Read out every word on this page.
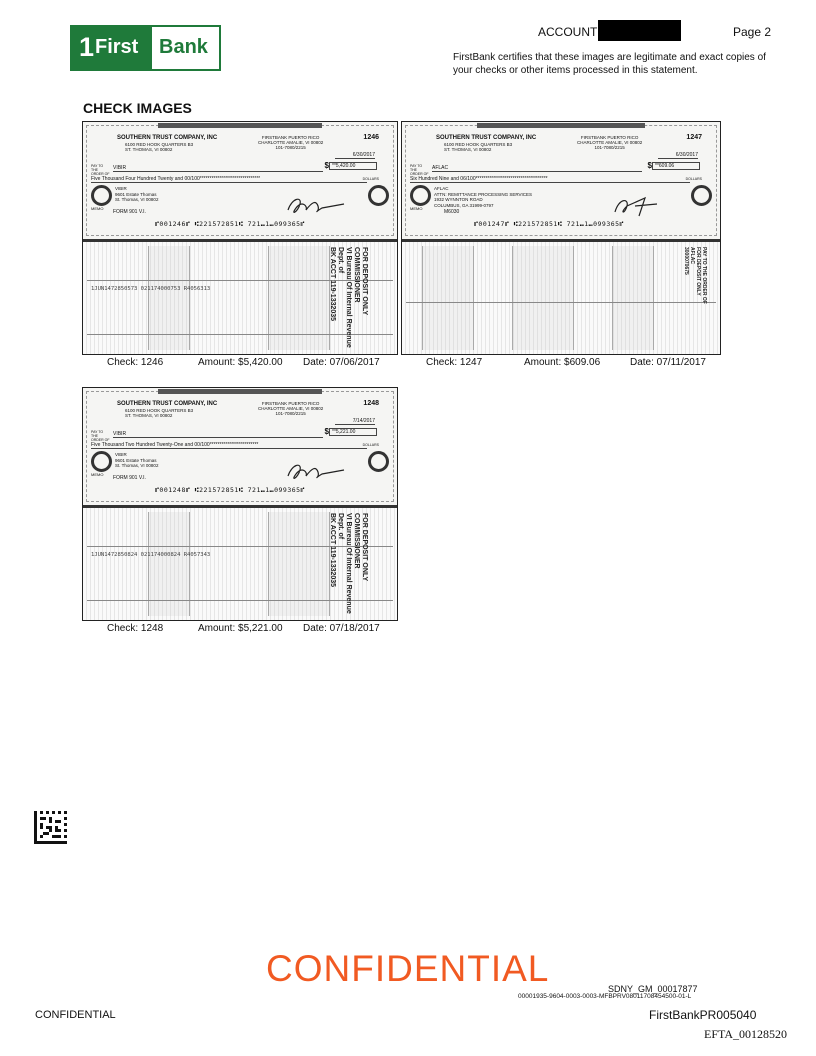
1 First Bank
ACCOUNT	Page 2
FirstBank certifies that these images are legitimate and exact copies of your checks or other items processed in this statement.
CHECK IMAGES
SOUTHERN TRUST COMPANY, INC
6100 RED HOOK QUARTERS B3
ST. THOMAS, VI 00802
FIRSTBANK PUERTO RICO
CHARLOTTE AMALIE, VI 00802
101-7080/2215
1246
6/30/2017
PAY TO THE ORDER OF
VIBIR	$ **5,420.00
Five Thousand Four Hundred Twenty and 00/100*******************************	DOLLARS
VIBIR
9601 Estate Thomas
St. Thomas, VI 00802
MEMO
FORM 901 V.I.
⑈001246⑈ ⑆221572851⑆ 721⑉1⑉099365⑈
1JUN1472850573 021174000753 R4056313
FOR DEPOSIT ONLY
COMMISSIONER
VI Bureau Of Internal Revenue
Dept. of
BK ACCT 119-1332035
Check: 1246	Amount: $5,420.00 Date: 07/06/2017
SOUTHERN TRUST COMPANY, INC
6100 RED HOOK QUARTERS B3
ST. THOMAS, VI 00802
FIRSTBANK PUERTO RICO
CHARLOTTE AMALIE, VI 00802
101-7080/2215
1247
6/30/2017
PAY TO THE ORDER OF
AFLAC	$ **609.06
Six Hundred Nine and 06/100*************************************	DOLLARS
AFLAC
ATTN: REMITTANCE PROCESSING SERVICES
1932 WYNNTON ROAD
COLUMBUS, GA 31999-0797
MEMO
M6030
⑈001247⑈ ⑆221572851⑆ 721⑉1⑉099365⑈
PAY TO THE ORDER OF
FOR DEPOSIT ONLY
AFLAC
3000070675
Check: 1247	Amount: $609.06	Date: 07/11/2017
SOUTHERN TRUST COMPANY, INC
6100 RED HOOK QUARTERS B3
ST. THOMAS, VI 00802
FIRSTBANK PUERTO RICO
CHARLOTTE AMALIE, VI 00802
101-7080/2215
1248
7/14/2017
PAY TO THE ORDER OF
VIBIR	$ **5,221.00
Five Thousand Two Hundred Twenty-One and 00/100*************************	DOLLARS
VIBIR
9601 Estate Thomas
St. Thomas, VI 00802
MEMO
FORM 901 V.I.
⑈001248⑈ ⑆221572851⑆ 721⑉1⑉099365⑈
1JUN1472850824 021174000824 R4057343
FOR DEPOSIT ONLY
COMMISSIONER
VI Bureau Of Internal Revenue
Dept. of
BK ACCT 119-1332035
Check: 1248	Amount: $5,221.00 Date: 07/18/2017
CONFIDENTIAL	SDNY_GM_00017877
00001935-9604-0003-0003-MFBPRV08011708454500-01-L
CONFIDENTIAL	FirstBankPR005040
EFTA_00128520
